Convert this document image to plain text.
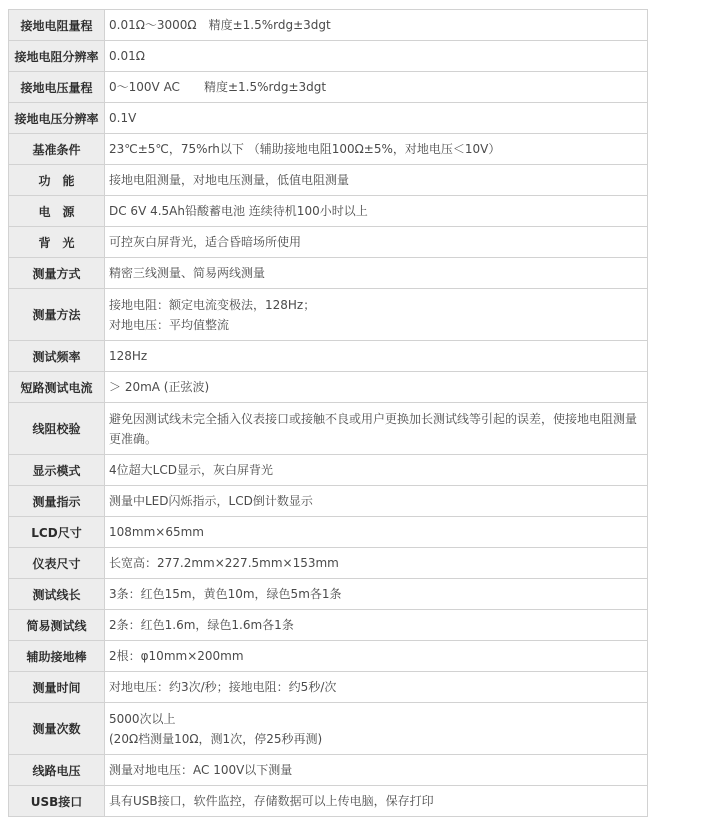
接地电阻量程	0.01Ω～3000Ω　精度±1.5%rdg±3dgt

接地电阻分辨率	0.01Ω

接地电压量程	0～100V AC　　精度±1.5%rdg±3dgt

接地电压分辨率	0.1V

基准条件	23℃±5℃，75%rh以下 （辅助接地电阻100Ω±5%，对地电压＜10V）

功　能	接地电阻测量，对地电压测量，低值电阻测量

电　源	DC 6V 4.5Ah铅酸蓄电池 连续待机100小时以上

背　光	可控灰白屏背光，适合昏暗场所使用

测量方式	精密三线测量、简易两线测量

测量方法	接地电阻：额定电流变极法，128Hz；
对地电压：平均值整流

测试频率	128Hz

短路测试电流	＞ 20mA (正弦波)

线阻校验	避免因测试线未完全插入仪表接口或接触不良或用户更换加长测试线等引起的误差，使接地电阻测量更准确。

显示模式	4位超大LCD显示，灰白屏背光

测量指示	测量中LED闪烁指示，LCD倒计数显示

LCD尺寸	108mm×65mm

仪表尺寸	长宽高：277.2mm×227.5mm×153mm

测试线长	3条：红色15m，黄色10m，绿色5m各1条

简易测试线	2条：红色1.6m，绿色1.6m各1条

辅助接地棒	2根：φ10mm×200mm

测量时间	对地电压：约3次/秒；接地电阻：约5秒/次

测量次数	5000次以上
(20Ω档测量10Ω，测1次，停25秒再测)

线路电压	测量对地电压：AC 100V以下测量

USB接口	具有USB接口，软件监控，存储数据可以上传电脑，保存打印
